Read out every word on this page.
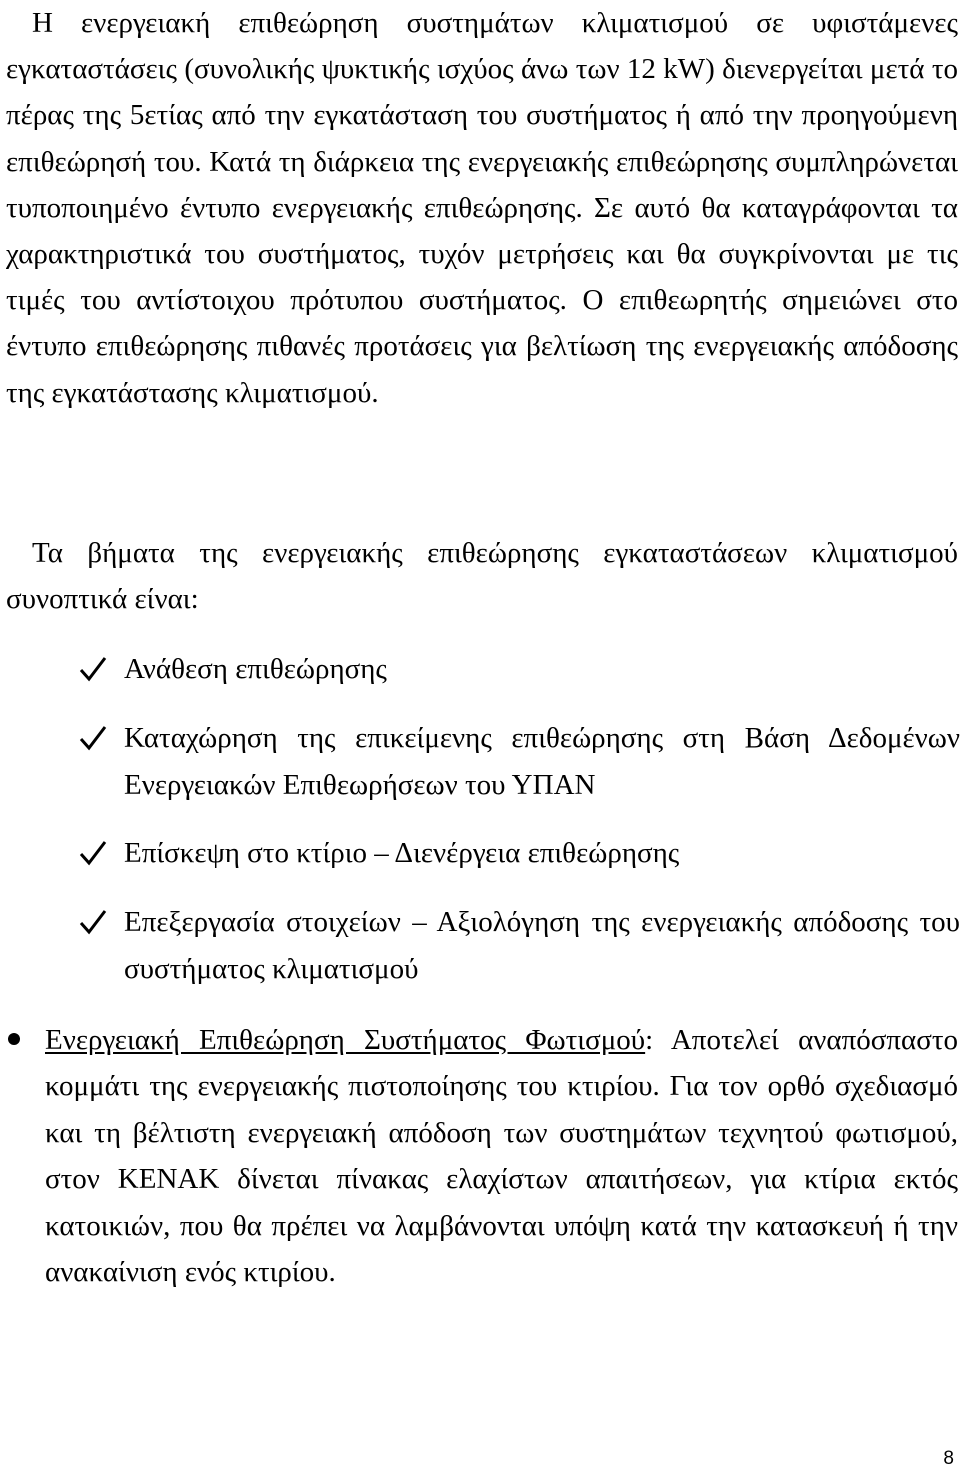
Η ενεργειακή επιθεώρηση συστημάτων κλιματισμού σε υφιστάμενες εγκαταστάσεις (συνολικής ψυκτικής ισχύος άνω των 12 kW) διενεργείται μετά το πέρας της 5ετίας από την εγκατάσταση του συστήματος ή από την προηγούμενη επιθεώρησή του. Κατά τη διάρκεια της ενεργειακής επιθεώρησης συμπληρώνεται τυποποιημένο έντυπο ενεργειακής επιθεώρησης. Σε αυτό θα καταγράφονται τα χαρακτηριστικά του συστήματος, τυχόν μετρήσεις και θα συγκρίνονται με τις τιμές του αντίστοιχου πρότυπου συστήματος. Ο επιθεωρητής σημειώνει στο έντυπο επιθεώρησης πιθανές προτάσεις για βελτίωση της ενεργειακής απόδοσης της εγκατάστασης κλιματισμού.

Τα βήματα της ενεργειακής επιθεώρησης εγκαταστάσεων κλιματισμού συνοπτικά είναι:

Ανάθεση επιθεώρησης
Καταχώρηση της επικείμενης επιθεώρησης στη Βάση Δεδομένων Ενεργειακών Επιθεωρήσεων του ΥΠΑΝ
Επίσκεψη στο κτίριο – Διενέργεια επιθεώρησης
Επεξεργασία στοιχείων – Αξιολόγηση της ενεργειακής απόδοσης του συστήματος κλιματισμού
Ενεργειακή Επιθεώρηση Συστήματος Φωτισμού: Αποτελεί αναπόσπαστο κομμάτι της ενεργειακής πιστοποίησης του κτιρίου. Για τον ορθό σχεδιασμό και τη βέλτιστη ενεργειακή απόδοση των συστημάτων τεχνητού φωτισμού, στον ΚΕΝΑΚ δίνεται πίνακας ελαχίστων απαιτήσεων, για κτίρια εκτός κατοικιών, που θα πρέπει να λαμβάνονται υπόψη κατά την κατασκευή ή την ανακαίνιση ενός κτιρίου.
8
